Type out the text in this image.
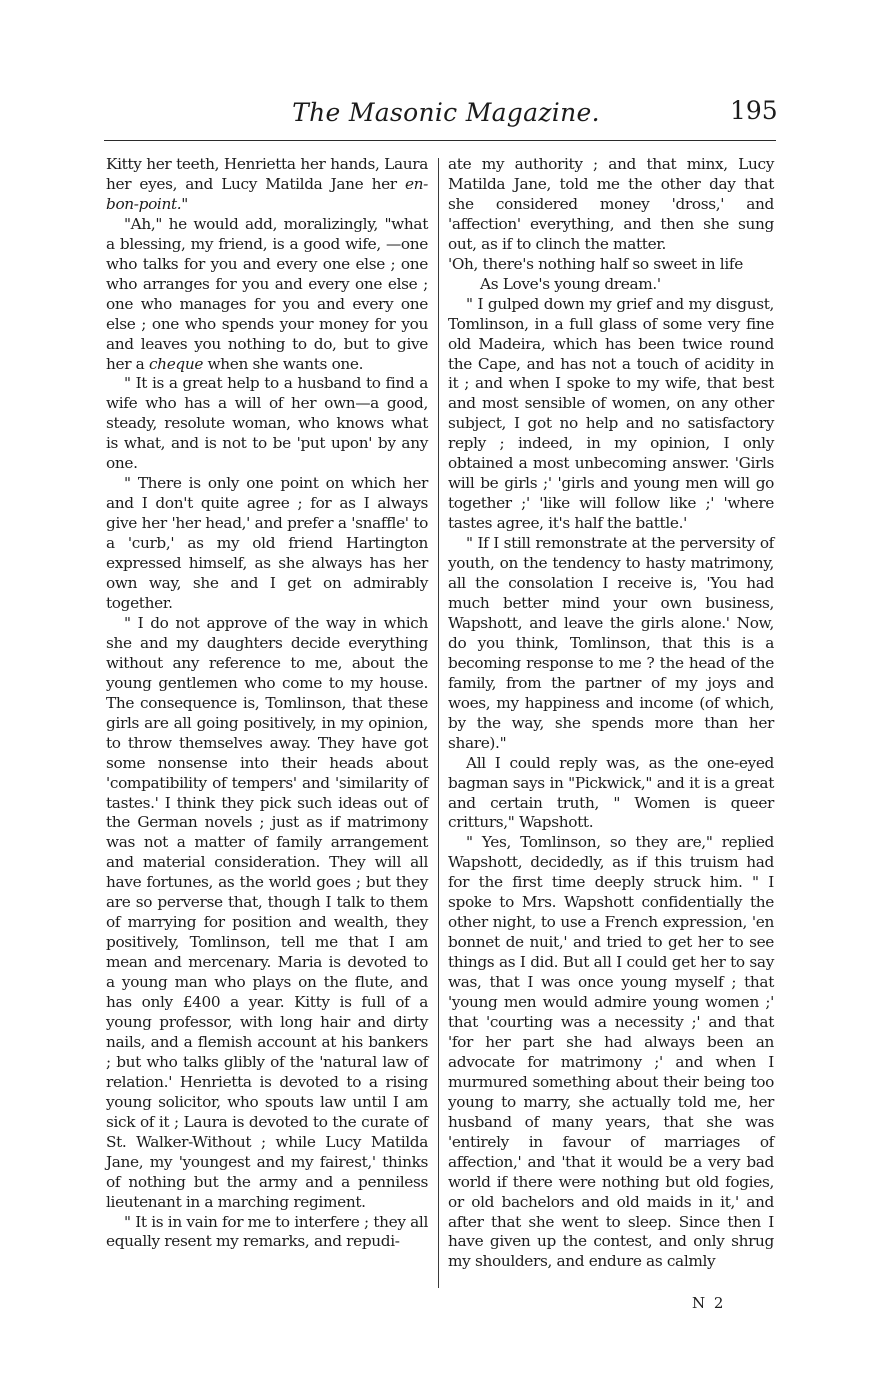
The Masonic Magazine.	195

Kitty her teeth, Henrietta her hands, Laura her eyes, and Lucy Matilda Jane her en-bon-point."

"Ah," he would add, moralizingly, "what a blessing, my friend, is a good wife, —one who talks for you and every one else ; one who arranges for you and every one else ; one who manages for you and every one else ; one who spends your money for you and leaves you nothing to do, but to give her a cheque when she wants one.

" It is a great help to a husband to find a wife who has a will of her own—a good, steady, resolute woman, who knows what is what, and is not to be 'put upon' by any one.

" There is only one point on which her and I don't quite agree ; for as I always give her 'her head,' and prefer a 'snaffle' to a 'curb,' as my old friend Hartington expressed himself, as she always has her own way, she and I get on admirably together.

" I do not approve of the way in which she and my daughters decide everything without any reference to me, about the young gentlemen who come to my house. The consequence is, Tomlinson, that these girls are all going positively, in my opinion, to throw themselves away. They have got some nonsense into their heads about 'compatibility of tempers' and 'similarity of tastes.' I think they pick such ideas out of the German novels ; just as if matrimony was not a matter of family arrangement and material consideration. They will all have fortunes, as the world goes ; but they are so perverse that, though I talk to them of marrying for position and wealth, they positively, Tomlinson, tell me that I am mean and mercenary. Maria is devoted to a young man who plays on the flute, and has only £400 a year. Kitty is full of a young professor, with long hair and dirty nails, and a flemish account at his bankers ; but who talks glibly of the 'natural law of relation.' Henrietta is devoted to a rising young solicitor, who spouts law until I am sick of it ; Laura is devoted to the curate of St. Walker-Without ; while Lucy Matilda Jane, my 'youngest and my fairest,' thinks of nothing but the army and a penniless lieutenant in a marching regiment.

" It is in vain for me to interfere ; they all equally resent my remarks, and repudi-

ate my authority ; and that minx, Lucy Matilda Jane, told me the other day that she considered money 'dross,' and 'affection' everything, and then she sung out, as if to clinch the matter.

'Oh, there's nothing half so sweet in life

As Love's young dream.'

" I gulped down my grief and my disgust, Tomlinson, in a full glass of some very fine old Madeira, which has been twice round the Cape, and has not a touch of acidity in it ; and when I spoke to my wife, that best and most sensible of women, on any other subject, I got no help and no satisfactory reply ; indeed, in my opinion, I only obtained a most unbecoming answer. 'Girls will be girls ;' 'girls and young men will go together ;' 'like will follow like ;' 'where tastes agree, it's half the battle.'

" If I still remonstrate at the perversity of youth, on the tendency to hasty matrimony, all the consolation I receive is, 'You had much better mind your own business, Wapshott, and leave the girls alone.' Now, do you think, Tomlinson, that this is a becoming response to me ? the head of the family, from the partner of my joys and woes, my happiness and income (of which, by the way, she spends more than her share)."

All I could reply was, as the one-eyed bagman says in "Pickwick," and it is a great and certain truth, " Women is queer critturs," Wapshott.

" Yes, Tomlinson, so they are," replied Wapshott, decidedly, as if this truism had for the first time deeply struck him. " I spoke to Mrs. Wapshott confidentially the other night, to use a French expression, 'en bonnet de nuit,' and tried to get her to see things as I did. But all I could get her to say was, that I was once young myself ; that 'young men would admire young women ;' that 'courting was a necessity ;' and that 'for her part she had always been an advocate for matrimony ;' and when I murmured something about their being too young to marry, she actually told me, her husband of many years, that she was 'entirely in favour of marriages of affection,' and 'that it would be a very bad world if there were nothing but old fogies, or old bachelors and old maids in it,' and after that she went to sleep. Since then I have given up the contest, and only shrug my shoulders, and endure as calmly

N 2
